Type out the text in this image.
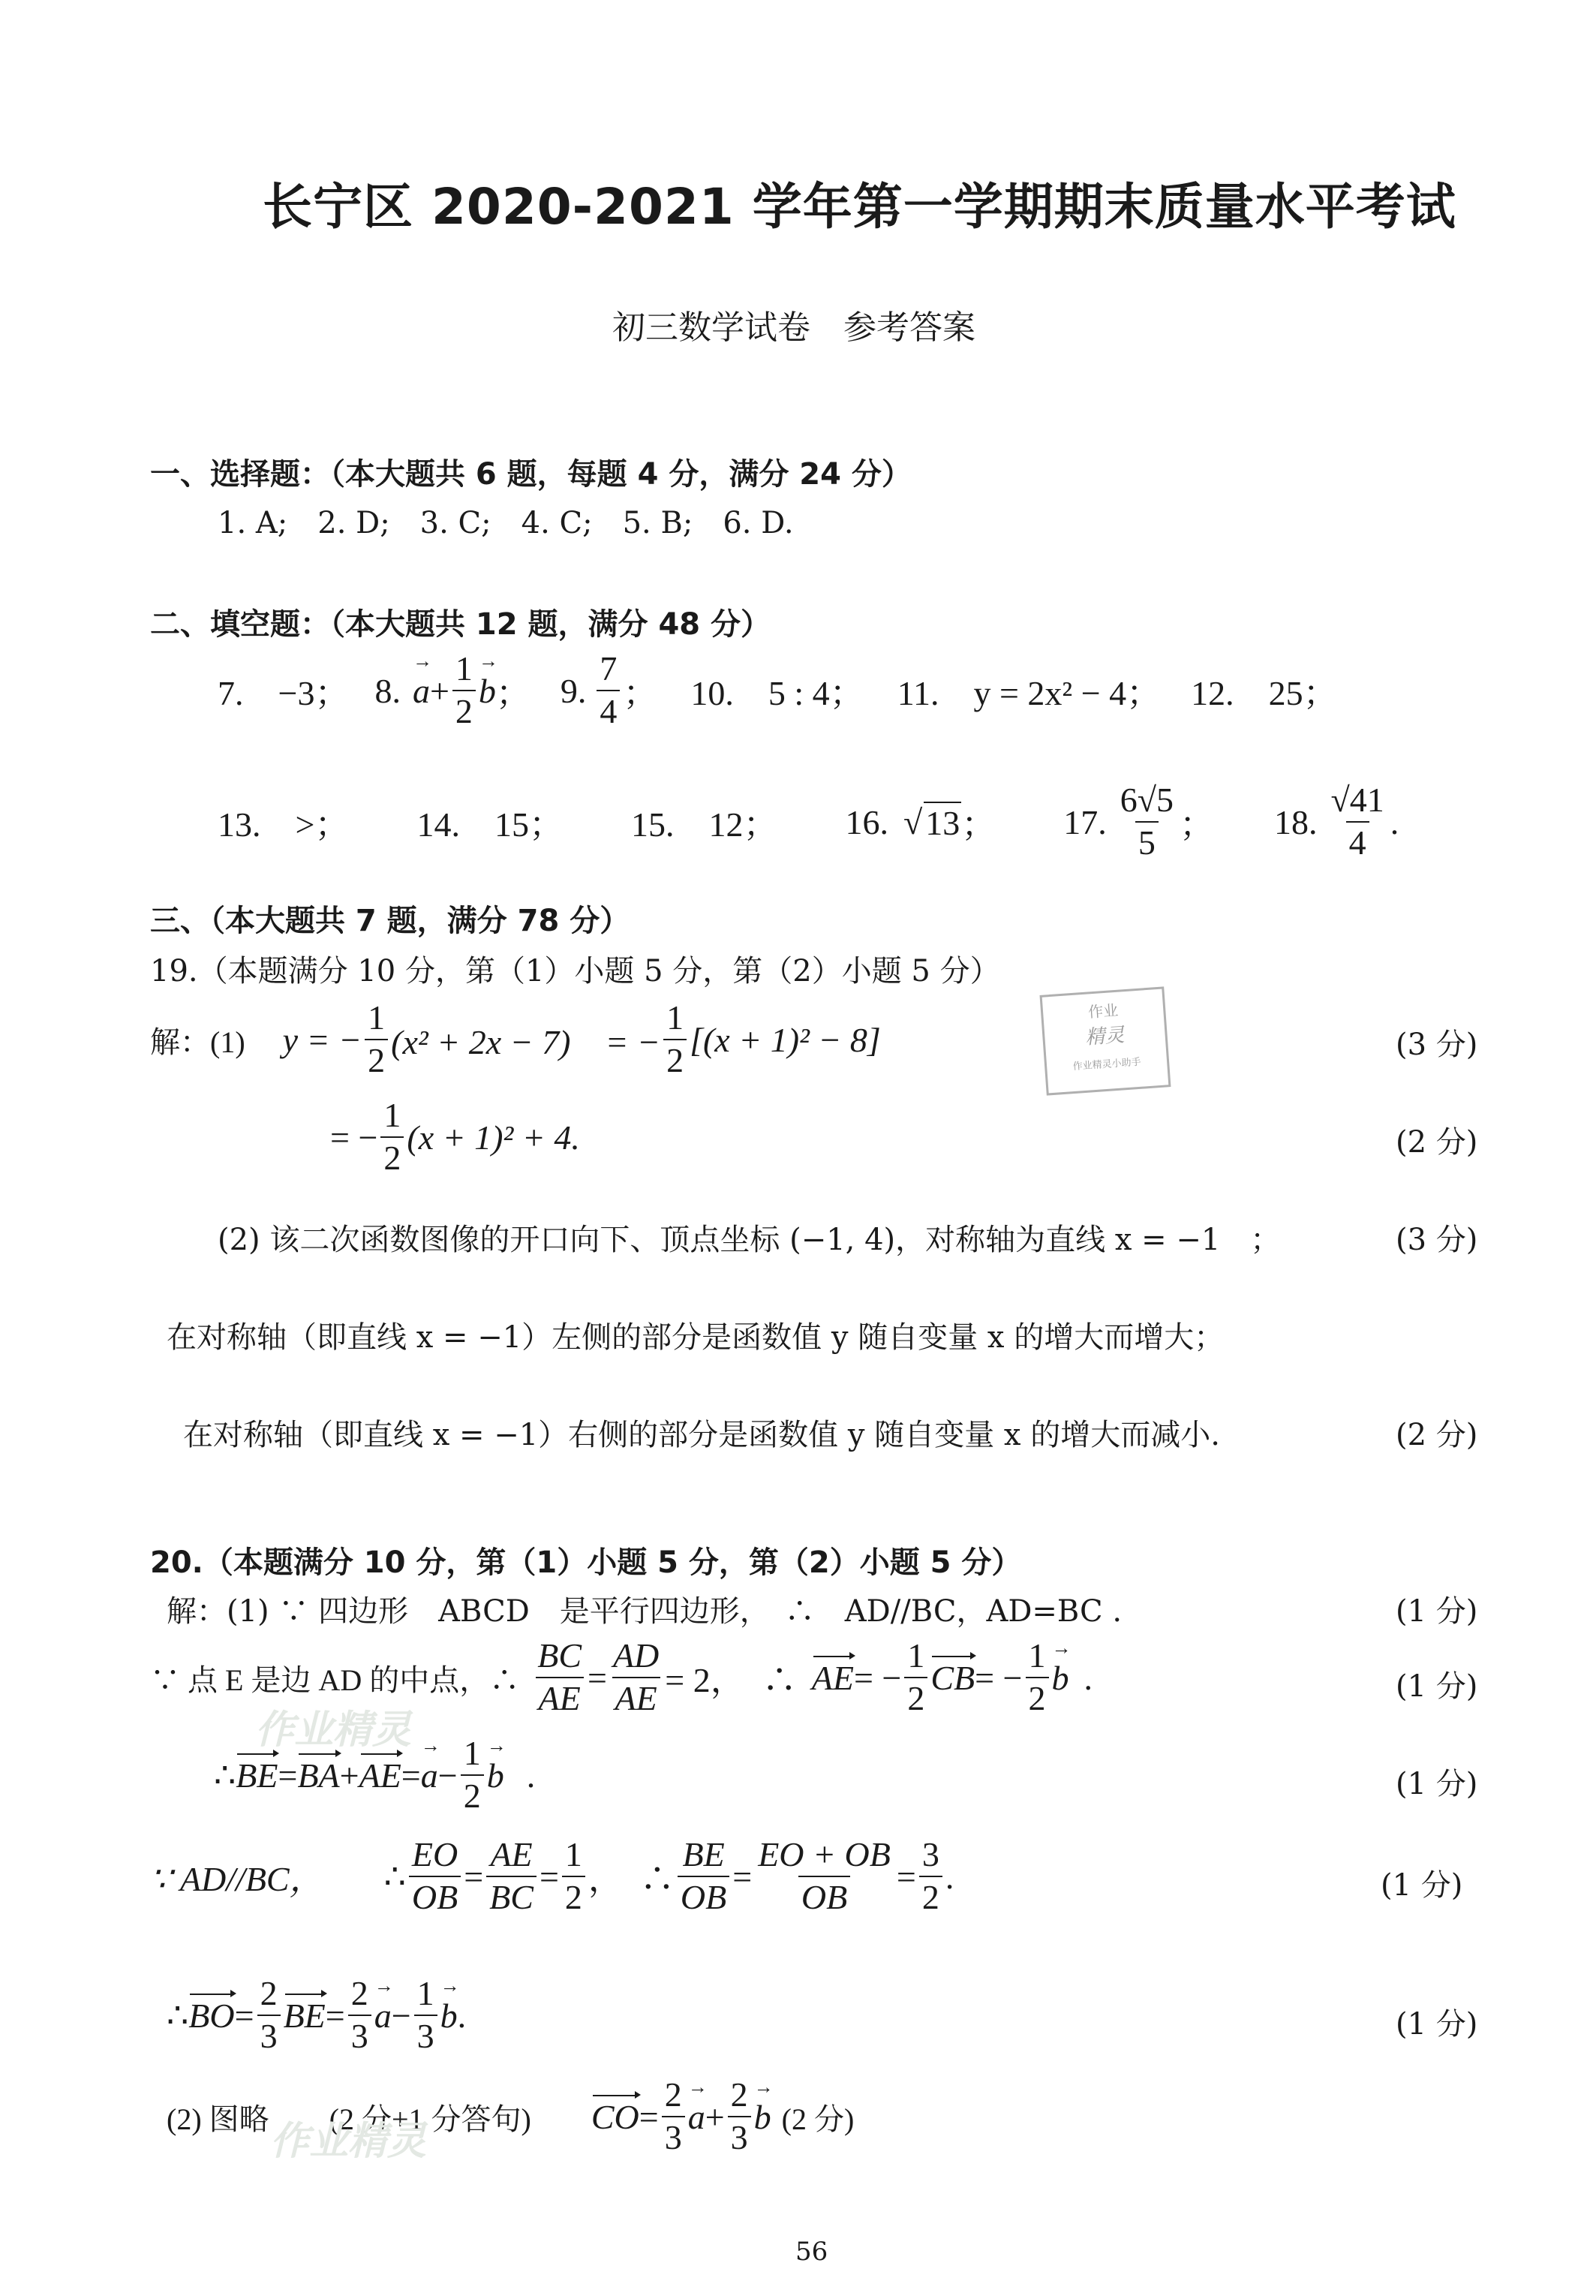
长宁区 2020-2021 学年第一学期期末质量水平考试
初三数学试卷　参考答案
一、选择题：（本大题共 6 题，每题 4 分，满分 24 分）
1. A;　2. D;　3. C;　4. C;　5. B;　6. D.
二、填空题：（本大题共 12 题，满分 48 分）
7.　−3； 8. a → + $\frac{1}{2}$ b → ； 9. $\frac{7}{4}$ ； 10.　5 : 4； 11.　y = 2x² − 4； 12.　25；
13.　>； 14.　15； 15.　12； 16. √ 13 ； 17. $\frac{6√5}{5}$ ； 18. $\frac{√41}{4}$ .
三、（本大题共 7 题，满分 78 分）
19.（本题满分 10 分，第（1）小题 5 分，第（2）小题 5 分）
解：(1) y = − $\frac{1}{2} (x^2 + 2x - 7)$　= − $\frac{1}{2} [(x + 1)^2 - 8]$	(3 分)
作业
精灵
作业精灵小助手
= − $\frac{1}{2} (x + 1)^2 + 4$.	(2 分)
(2) 该二次函数图像的开口向下、顶点坐标 (−1, 4)，对称轴为直线 x = −1　；	(3 分)
在对称轴（即直线 x = −1）左侧的部分是函数值 y 随自变量 x 的增大而增大；
在对称轴（即直线 x = −1）右侧的部分是函数值 y 随自变量 x 的增大而减小.	(2 分)
20.（本题满分 10 分，第（1）小题 5 分，第（2）小题 5 分）
解：(1) ∵ 四边形　ABCD　是平行四边形，　∴　AD//BC，AD=BC .	(1 分)
∵ 点 E 是边 AD 的中点，∴ $\frac{BC}{AE} = \frac{AD}{AE} = 2$，　∴ AE = − $\frac{1}{2}$ CB = − $\frac{1}{2}$ b → .	(1 分)
作业精灵
∴ BE = BA + AE = a → − $\frac{1}{2}$ b → .	(1 分)
∵ AD//BC， ∴ $\frac{EO}{OB} = \frac{AE}{BC} = \frac{1}{2}$ ，　∴ $\frac{BE}{OB} = \frac{EO + OB}{OB} = \frac{3}{2}$ .	(1 分)
∴ BO = $\frac{2}{3}$ BE = $\frac{2}{3}$ a → − $\frac{1}{3}$ b → .	(1 分)
(2) 图略 (2 分+1 分答句) CO = $\frac{2}{3}$ a → + $\frac{2}{3}$ b → (2 分)
作业精灵
56
